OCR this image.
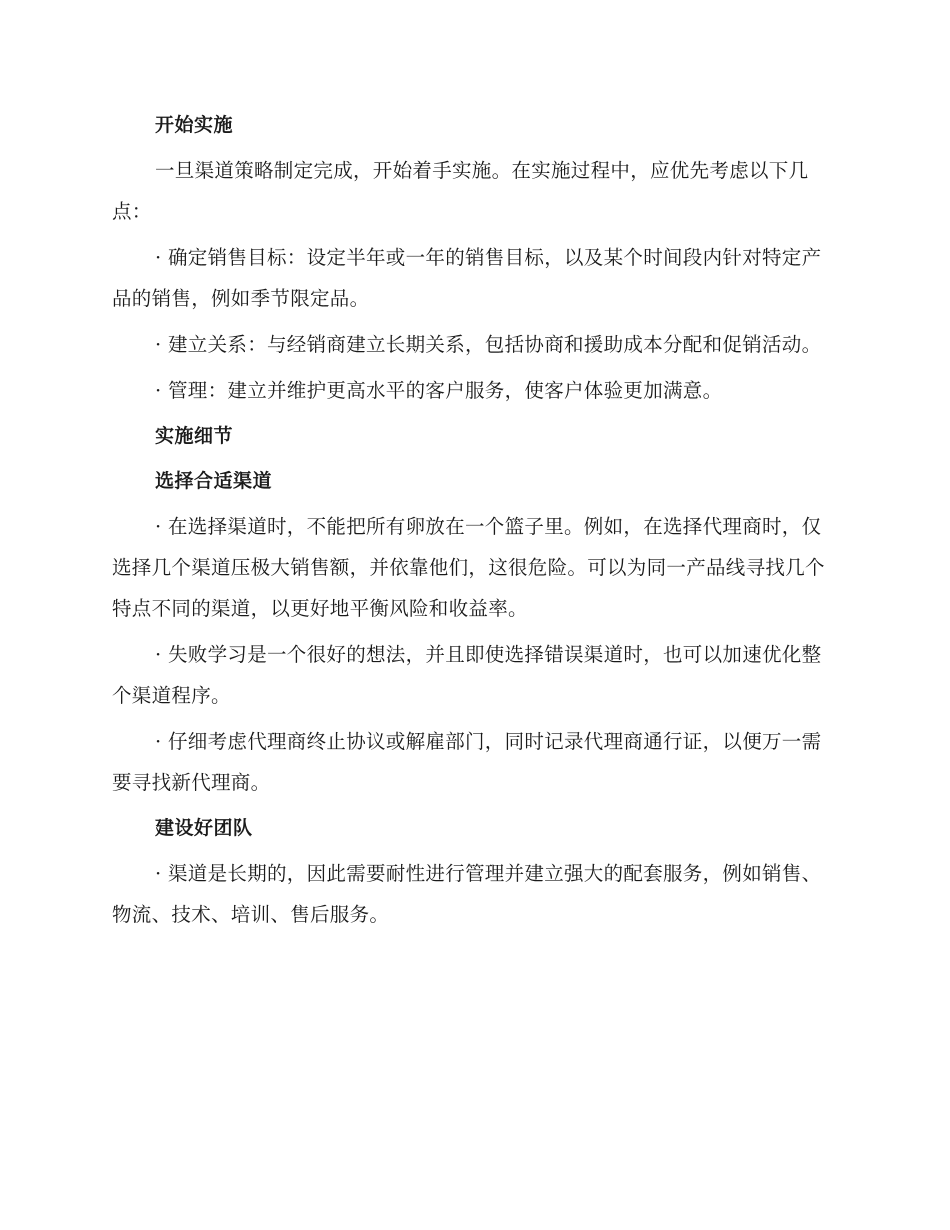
开始实施

一旦渠道策略制定完成，开始着手实施。在实施过程中，应优先考虑以下几点：

· 确定销售目标：设定半年或一年的销售目标，以及某个时间段内针对特定产品的销售，例如季节限定品。

· 建立关系：与经销商建立长期关系，包括协商和援助成本分配和促销活动。

· 管理：建立并维护更高水平的客户服务，使客户体验更加满意。

实施细节
选择合适渠道

· 在选择渠道时，不能把所有卵放在一个篮子里。例如，在选择代理商时，仅选择几个渠道压极大销售额，并依靠他们，这很危险。可以为同一产品线寻找几个特点不同的渠道，以更好地平衡风险和收益率。

· 失败学习是一个很好的想法，并且即使选择错误渠道时，也可以加速优化整个渠道程序。

· 仔细考虑代理商终止协议或解雇部门，同时记录代理商通行证，以便万一需要寻找新代理商。

建设好团队

· 渠道是长期的，因此需要耐性进行管理并建立强大的配套服务，例如销售、物流、技术、培训、售后服务。
